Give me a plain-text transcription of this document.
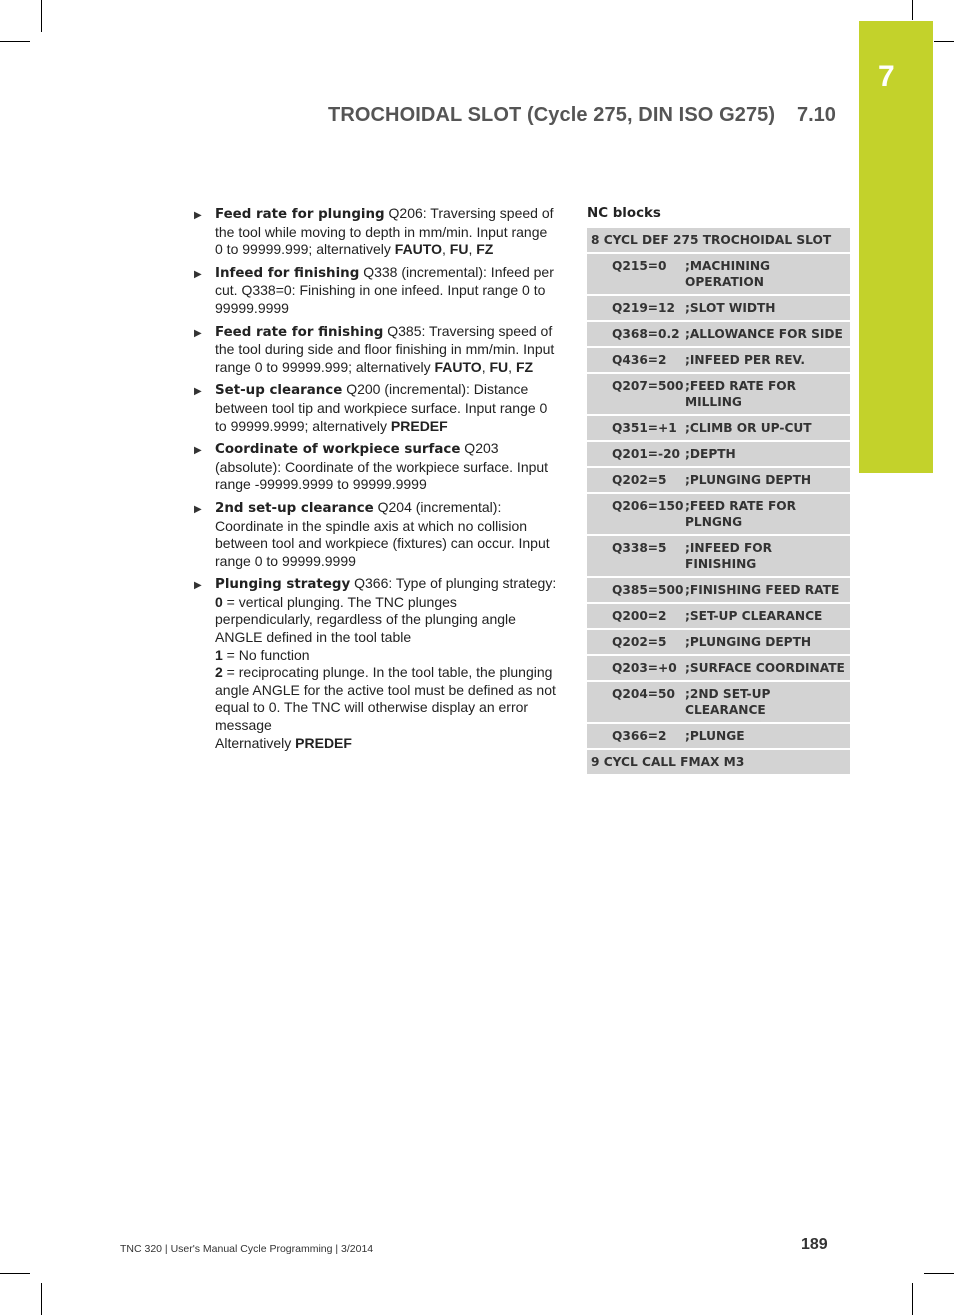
7
TROCHOIDAL SLOT (Cycle 275, DIN ISO G275) 7.10
▶ Feed rate for plunging Q206: Traversing speed of the tool while moving to depth in mm/min. Input range 0 to 99999.999; alternatively FAUTO, FU, FZ
▶ Infeed for finishing Q338 (incremental): Infeed per cut. Q338=0: Finishing in one infeed. Input range 0 to 99999.9999
▶ Feed rate for finishing Q385: Traversing speed of the tool during side and floor finishing in mm/min. Input range 0 to 99999.999; alternatively FAUTO, FU, FZ
▶ Set-up clearance Q200 (incremental): Distance between tool tip and workpiece surface. Input range 0 to 99999.9999; alternatively PREDEF
▶ Coordinate of workpiece surface Q203 (absolute): Coordinate of the workpiece surface. Input range -99999.9999 to 99999.9999
▶ 2nd set-up clearance Q204 (incremental): Coordinate in the spindle axis at which no collision between tool and workpiece (fixtures) can occur. Input range 0 to 99999.9999
▶ Plunging strategy Q366: Type of plunging strategy:
0 = vertical plunging. The TNC plunges perpendicularly, regardless of the plunging angle ANGLE defined in the tool table
1 = No function
2 = reciprocating plunge. In the tool table, the plunging angle ANGLE for the active tool must be defined as not equal to 0. The TNC will otherwise display an error message
Alternatively PREDEF
NC blocks
8 CYCL DEF 275 TROCHOIDAL SLOT
Q215=0	;MACHINING OPERATION
Q219=12 ;SLOT WIDTH
Q368=0.2 ;ALLOWANCE FOR SIDE
Q436=2	;INFEED PER REV.
Q207=500 ;FEED RATE FOR MILLING
Q351=+1 ;CLIMB OR UP-CUT
Q201=-20 ;DEPTH
Q202=5	;PLUNGING DEPTH
Q206=150 ;FEED RATE FOR PLNGNG
Q338=5	;INFEED FOR FINISHING
Q385=500 ;FINISHING FEED RATE
Q200=2	;SET-UP CLEARANCE
Q202=5	;PLUNGING DEPTH
Q203=+0 ;SURFACE COORDINATE
Q204=50 ;2ND SET-UP CLEARANCE
Q366=2	;PLUNGE
9 CYCL CALL FMAX M3
TNC 320 | User's Manual Cycle Programming | 3/2014	189
